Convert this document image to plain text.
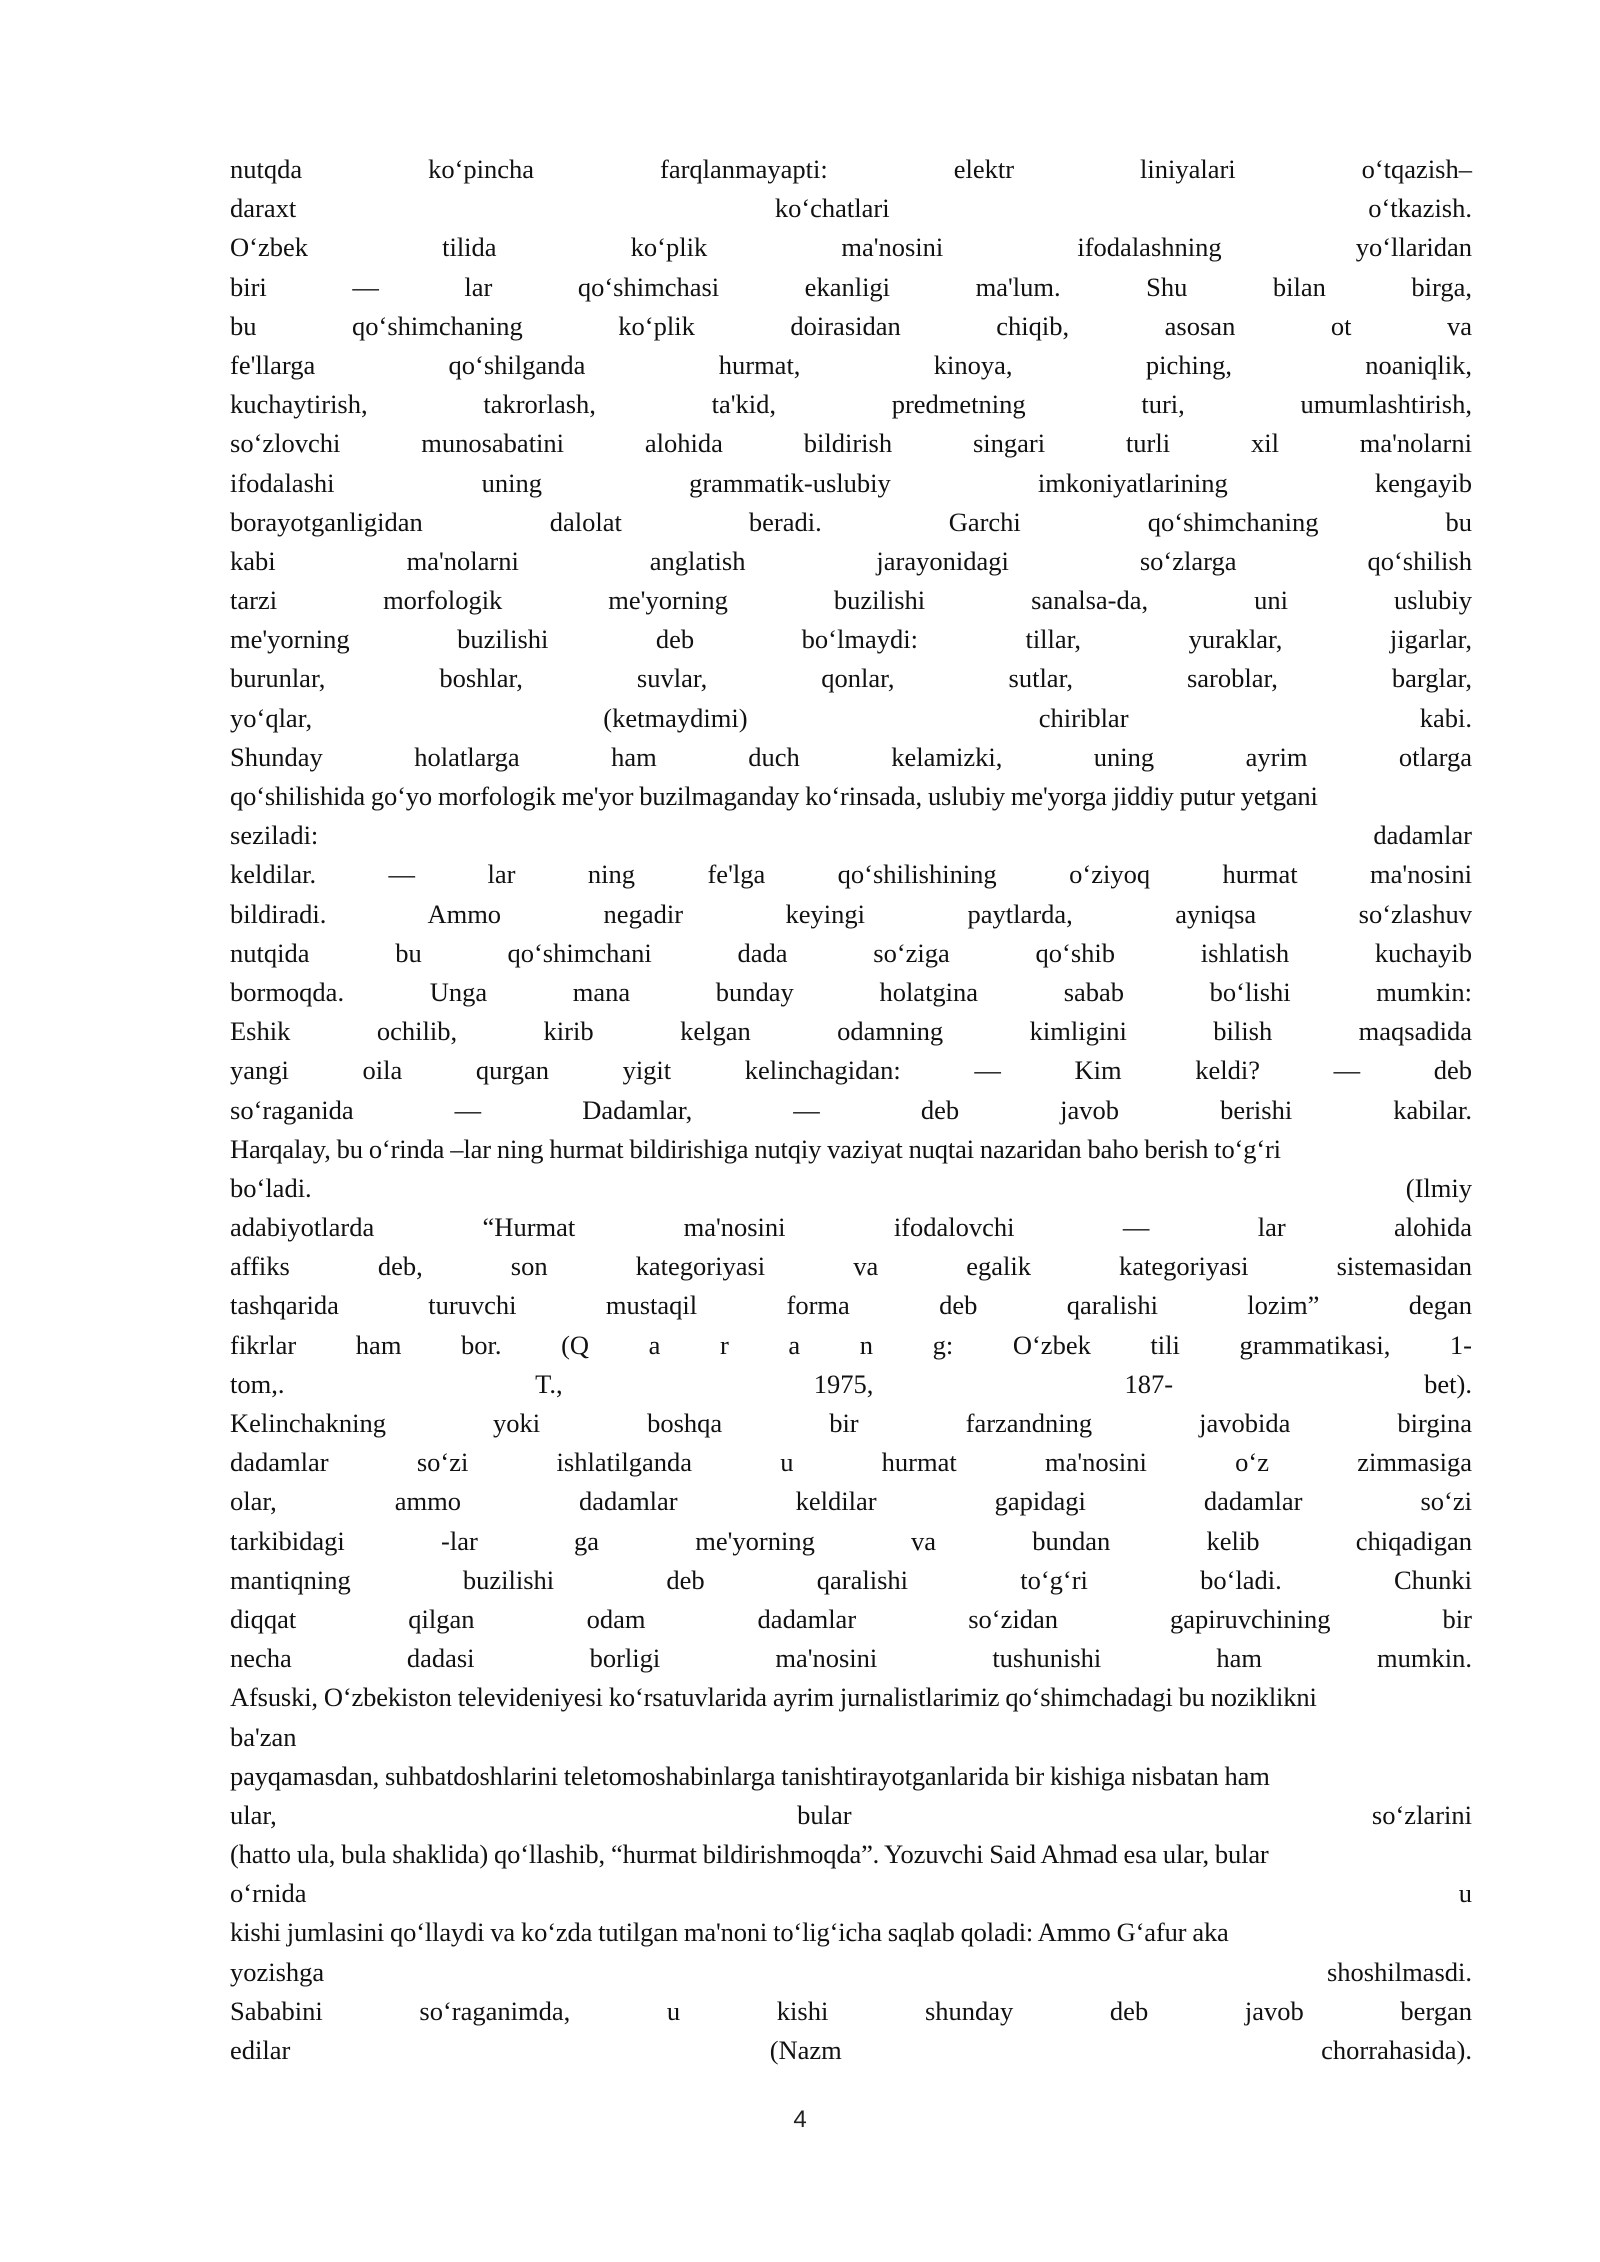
nutqda ko‘pincha farqlanmayapti: elektr liniyalari o‘tqazish–
daraxt ko‘chatlari o‘tkazish.
O‘zbek tilida ko‘plik ma'nosini ifodalashning yo‘llaridan
biri — lar qo‘shimchasi ekanligi ma'lum. Shu bilan birga,
bu qo‘shimchaning ko‘plik doirasidan chiqib, asosan ot va
fe'llarga qo‘shilganda hurmat, kinoya, piching, noaniqlik,
kuchaytirish, takrorlash, ta'kid, predmetning turi, umumlashtirish,
so‘zlovchi munosabatini alohida bildirish singari turli xil ma'nolarni
ifodalashi uning grammatik-uslubiy imkoniyatlarining kengayib
borayotganligidan dalolat beradi. Garchi qo‘shimchaning bu
kabi ma'nolarni anglatish jarayonidagi so‘zlarga qo‘shilish
tarzi morfologik me'yorning buzilishi sanalsa-da, uni uslubiy
me'yorning buzilishi deb bo‘lmaydi: tillar, yuraklar, jigarlar,
burunlar, boshlar, suvlar, qonlar, sutlar, saroblar, barglar,
yo‘qlar, (ketmaydimi) chiriblar kabi.
Shunday holatlarga ham duch kelamizki, uning ayrim otlarga
qo‘shilishida go‘yo morfologik me'yor buzilmaganday ko‘rinsada, uslubiy me'yorga jiddiy putur yetgani
seziladi: dadamlar
keldilar. — lar ning fe'lga qo‘shilishining o‘ziyoq hurmat ma'nosini
bildiradi. Ammo negadir keyingi paytlarda, ayniqsa so‘zlashuv
nutqida bu qo‘shimchani dada so‘ziga qo‘shib ishlatish kuchayib
bormoqda. Unga mana bunday holatgina sabab bo‘lishi mumkin:
Eshik ochilib, kirib kelgan odamning kimligini bilish maqsadida
yangi oila qurgan yigit kelinchagidan: — Kim keldi? — deb
so‘raganida — Dadamlar, — deb javob berishi kabilar.
Harqalay, bu o‘rinda –lar ning hurmat bildirishiga nutqiy vaziyat nuqtai nazaridan baho berish to‘g‘ri
bo‘ladi. (Ilmiy
adabiyotlarda “Hurmat ma'nosini ifodalovchi — lar alohida
affiks deb, son kategoriyasi va egalik kategoriyasi sistemasidan
tashqarida turuvchi mustaqil forma deb qaralishi lozim” degan
fikrlar ham bor. (Q a r a n g: O‘zbek tili grammatikasi, 1-
tom,. T., 1975, 187- bet).
Kelinchakning yoki boshqa bir farzandning javobida birgina
dadamlar so‘zi ishlatilganda u hurmat ma'nosini o‘z zimmasiga
olar, ammo dadamlar keldilar gapidagi dadamlar so‘zi
tarkibidagi -lar ga me'yorning va bundan kelib chiqadigan
mantiqning buzilishi deb qaralishi to‘g‘ri bo‘ladi. Chunki
diqqat qilgan odam dadamlar so‘zidan gapiruvchining bir
necha dadasi borligi ma'nosini tushunishi ham mumkin.
Afsuski, O‘zbekiston televideniyesi ko‘rsatuvlarida ayrim jurnalistlarimiz qo‘shimchadagi bu noziklikni
ba'zan
payqamasdan, suhbatdoshlarini teletomoshabinlarga tanishtirayotganlarida bir kishiga nisbatan ham
ular, bular so‘zlarini
(hatto ula, bula shaklida) qo‘llashib, “hurmat bildirishmoqda”. Yozuvchi Said Ahmad esa ular, bular
o‘rnida u
kishi jumlasini qo‘llaydi va ko‘zda tutilgan ma'noni to‘lig‘icha saqlab qoladi: Ammo G‘afur aka
yozishga shoshilmasdi.
Sababini so‘raganimda, u kishi shunday deb javob bergan
edilar (Nazm chorrahasida).
4
